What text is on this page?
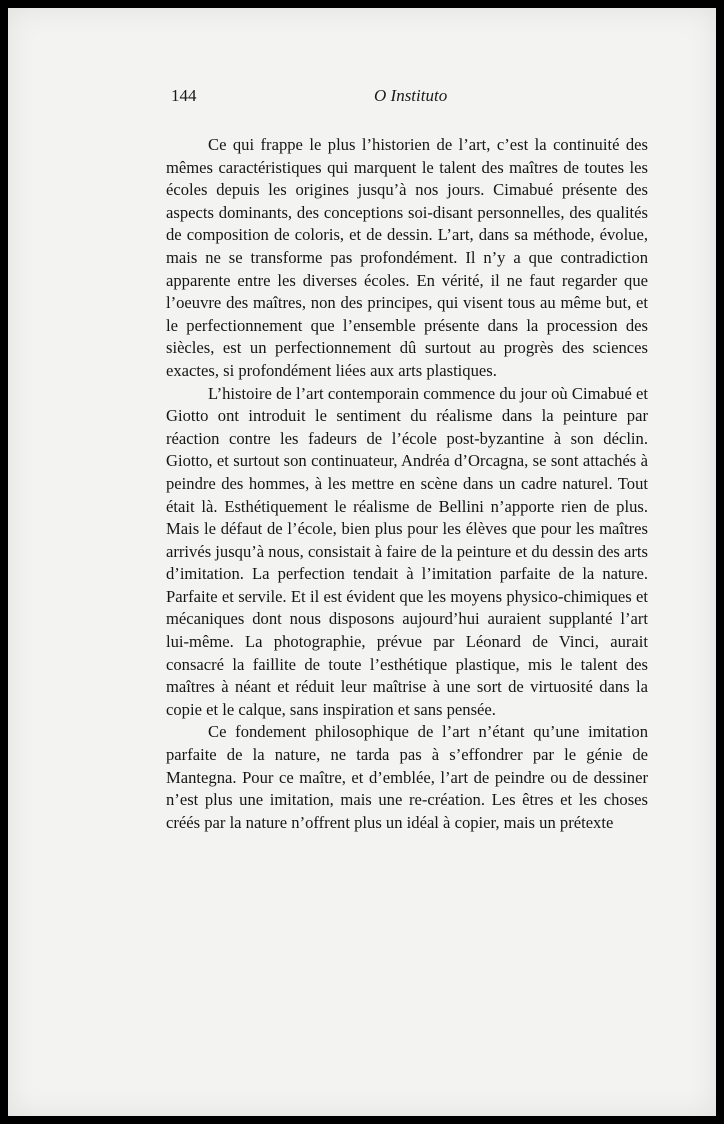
144	O Instituto

Ce qui frappe le plus l’historien de l’art, c’est la continuité des mêmes caractéristiques qui marquent le talent des maîtres de toutes les écoles depuis les origines jusqu’à nos jours. Cimabué présente des aspects dominants, des conceptions soi-disant personnelles, des qualités de composition de coloris, et de dessin. L’art, dans sa méthode, évolue, mais ne se transforme pas profondément. Il n’y a que contradiction apparente entre les diverses écoles. En vérité, il ne faut regarder que l’oeuvre des maîtres, non des principes, qui visent tous au même but, et le perfectionnement que l’ensemble présente dans la procession des siècles, est un perfectionnement dû surtout au progrès des sciences exactes, si profondément liées aux arts plastiques.

L’histoire de l’art contemporain commence du jour où Cimabué et Giotto ont introduit le sentiment du réalisme dans la peinture par réaction contre les fadeurs de l’école post-byzantine à son déclin. Giotto, et surtout son continuateur, Andréa d’Orcagna, se sont attachés à peindre des hommes, à les mettre en scène dans un cadre naturel. Tout était là. Esthétiquement le réalisme de Bellini n’apporte rien de plus. Mais le défaut de l’école, bien plus pour les élèves que pour les maîtres arrivés jusqu’à nous, consistait à faire de la peinture et du dessin des arts d’imitation. La perfection tendait à l’imitation parfaite de la nature. Parfaite et servile. Et il est évident que les moyens physico-chimiques et mécaniques dont nous disposons aujourd’hui auraient supplanté l’art lui-même. La photographie, prévue par Léonard de Vinci, aurait consacré la faillite de toute l’esthétique plastique, mis le talent des maîtres à néant et réduit leur maîtrise à une sort de virtuosité dans la copie et le calque, sans inspiration et sans pensée.

Ce fondement philosophique de l’art n’étant qu’une imitation parfaite de la nature, ne tarda pas à s’effondrer par le génie de Mantegna. Pour ce maître, et d’emblée, l’art de peindre ou de dessiner n’est plus une imitation, mais une re-création. Les êtres et les choses créés par la nature n’offrent plus un idéal à copier, mais un prétexte
